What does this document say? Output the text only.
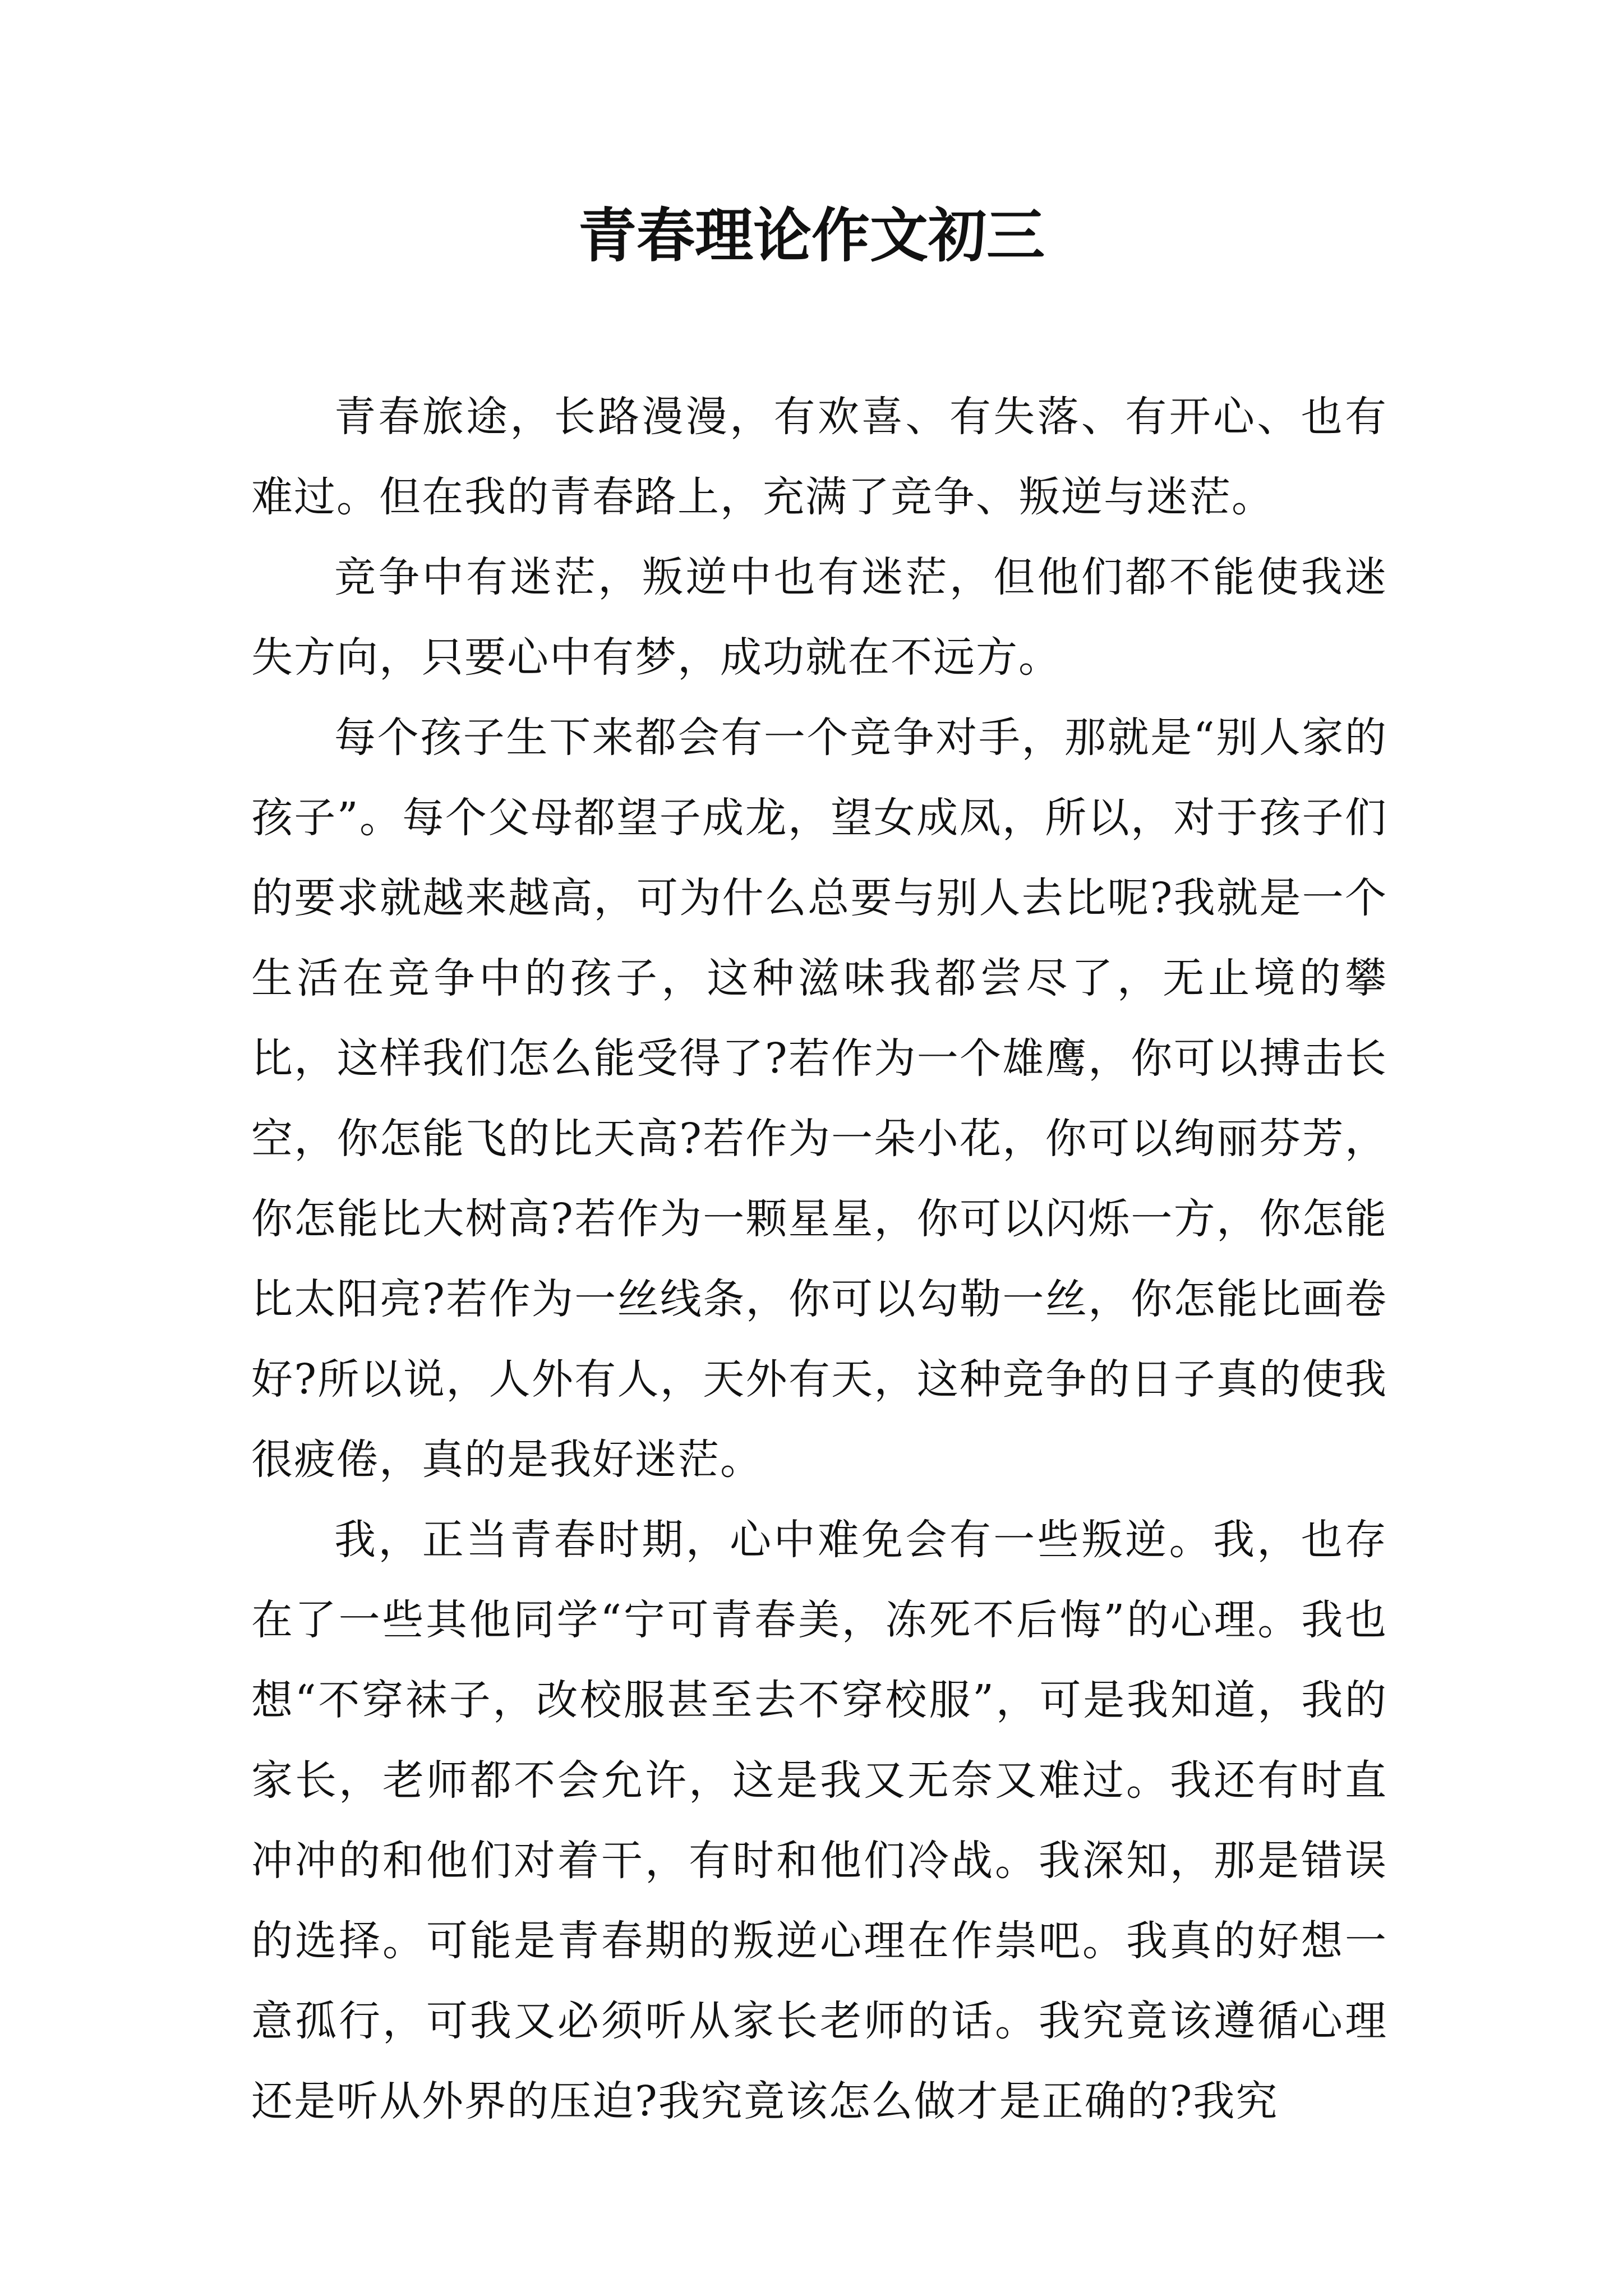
青春理论作文初三

青春旅途，长路漫漫，有欢喜、有失落、有开心、也有难过。但在我的青春路上，充满了竞争、叛逆与迷茫。

竞争中有迷茫，叛逆中也有迷茫，但他们都不能使我迷失方向，只要心中有梦，成功就在不远方。

每个孩子生下来都会有一个竞争对手，那就是“别人家的孩子”。每个父母都望子成龙，望女成凤，所以，对于孩子们的要求就越来越高，可为什么总要与别人去比呢?我就是一个生活在竞争中的孩子，这种滋味我都尝尽了，无止境的攀比，这样我们怎么能受得了?若作为一个雄鹰，你可以搏击长空，你怎能飞的比天高?若作为一朵小花，你可以绚丽芬芳，你怎能比大树高?若作为一颗星星，你可以闪烁一方，你怎能比太阳亮?若作为一丝线条，你可以勾勒一丝，你怎能比画卷好?所以说，人外有人，天外有天，这种竞争的日子真的使我很疲倦，真的是我好迷茫。

我，正当青春时期，心中难免会有一些叛逆。我，也存在了一些其他同学“宁可青春美，冻死不后悔”的心理。我也想“不穿袜子，改校服甚至去不穿校服”，可是我知道，我的家长，老师都不会允许，这是我又无奈又难过。我还有时直冲冲的和他们对着干，有时和他们冷战。我深知，那是错误的选择。可能是青春期的叛逆心理在作祟吧。我真的好想一意孤行，可我又必须听从家长老师的话。我究竟该遵循心理还是听从外界的压迫?我究竟该怎么做才是正确的?我究
